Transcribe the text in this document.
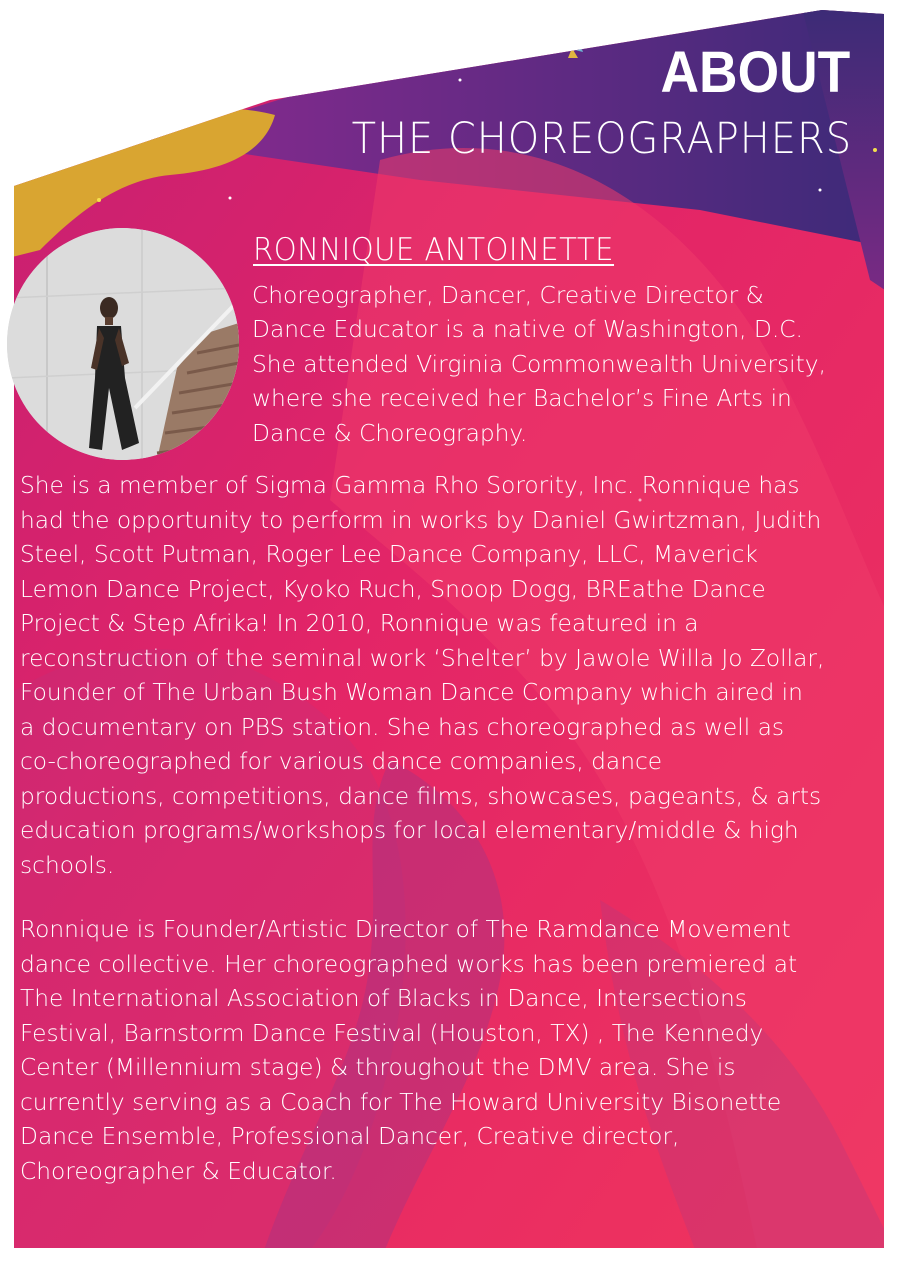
ABOUT
THE CHOREOGRAPHERS
RONNIQUE ANTOINETTE
Choreographer, Dancer, Creative Director &
Dance Educator is a native of Washington, D.C.
She attended Virginia Commonwealth University,
where she received her Bachelor’s Fine Arts in
Dance & Choreography.
She is a member of Sigma Gamma Rho Sorority, Inc. Ronnique has
had the opportunity to perform in works by Daniel Gwirtzman, Judith
Steel, Scott Putman, Roger Lee Dance Company, LLC, Maverick
Lemon Dance Project, Kyoko Ruch, Snoop Dogg, BREathe Dance
Project & Step Afrika! In 2010, Ronnique was featured in a
reconstruction of the seminal work ‘Shelter’ by Jawole Willa Jo Zollar,
Founder of The Urban Bush Woman Dance Company which aired in
a documentary on PBS station. She has choreographed as well as
co-choreographed for various dance companies, dance
productions, competitions, dance films, showcases, pageants, & arts
education programs/workshops for local elementary/middle & high
schools.
Ronnique is Founder/Artistic Director of The Ramdance Movement
dance collective. Her choreographed works has been premiered at
The International Association of Blacks in Dance, Intersections
Festival, Barnstorm Dance Festival (Houston, TX) , The Kennedy
Center (Millennium stage) & throughout the DMV area. She is
currently serving as a Coach for The Howard University Bisonette
Dance Ensemble, Professional Dancer, Creative director,
Choreographer & Educator.
